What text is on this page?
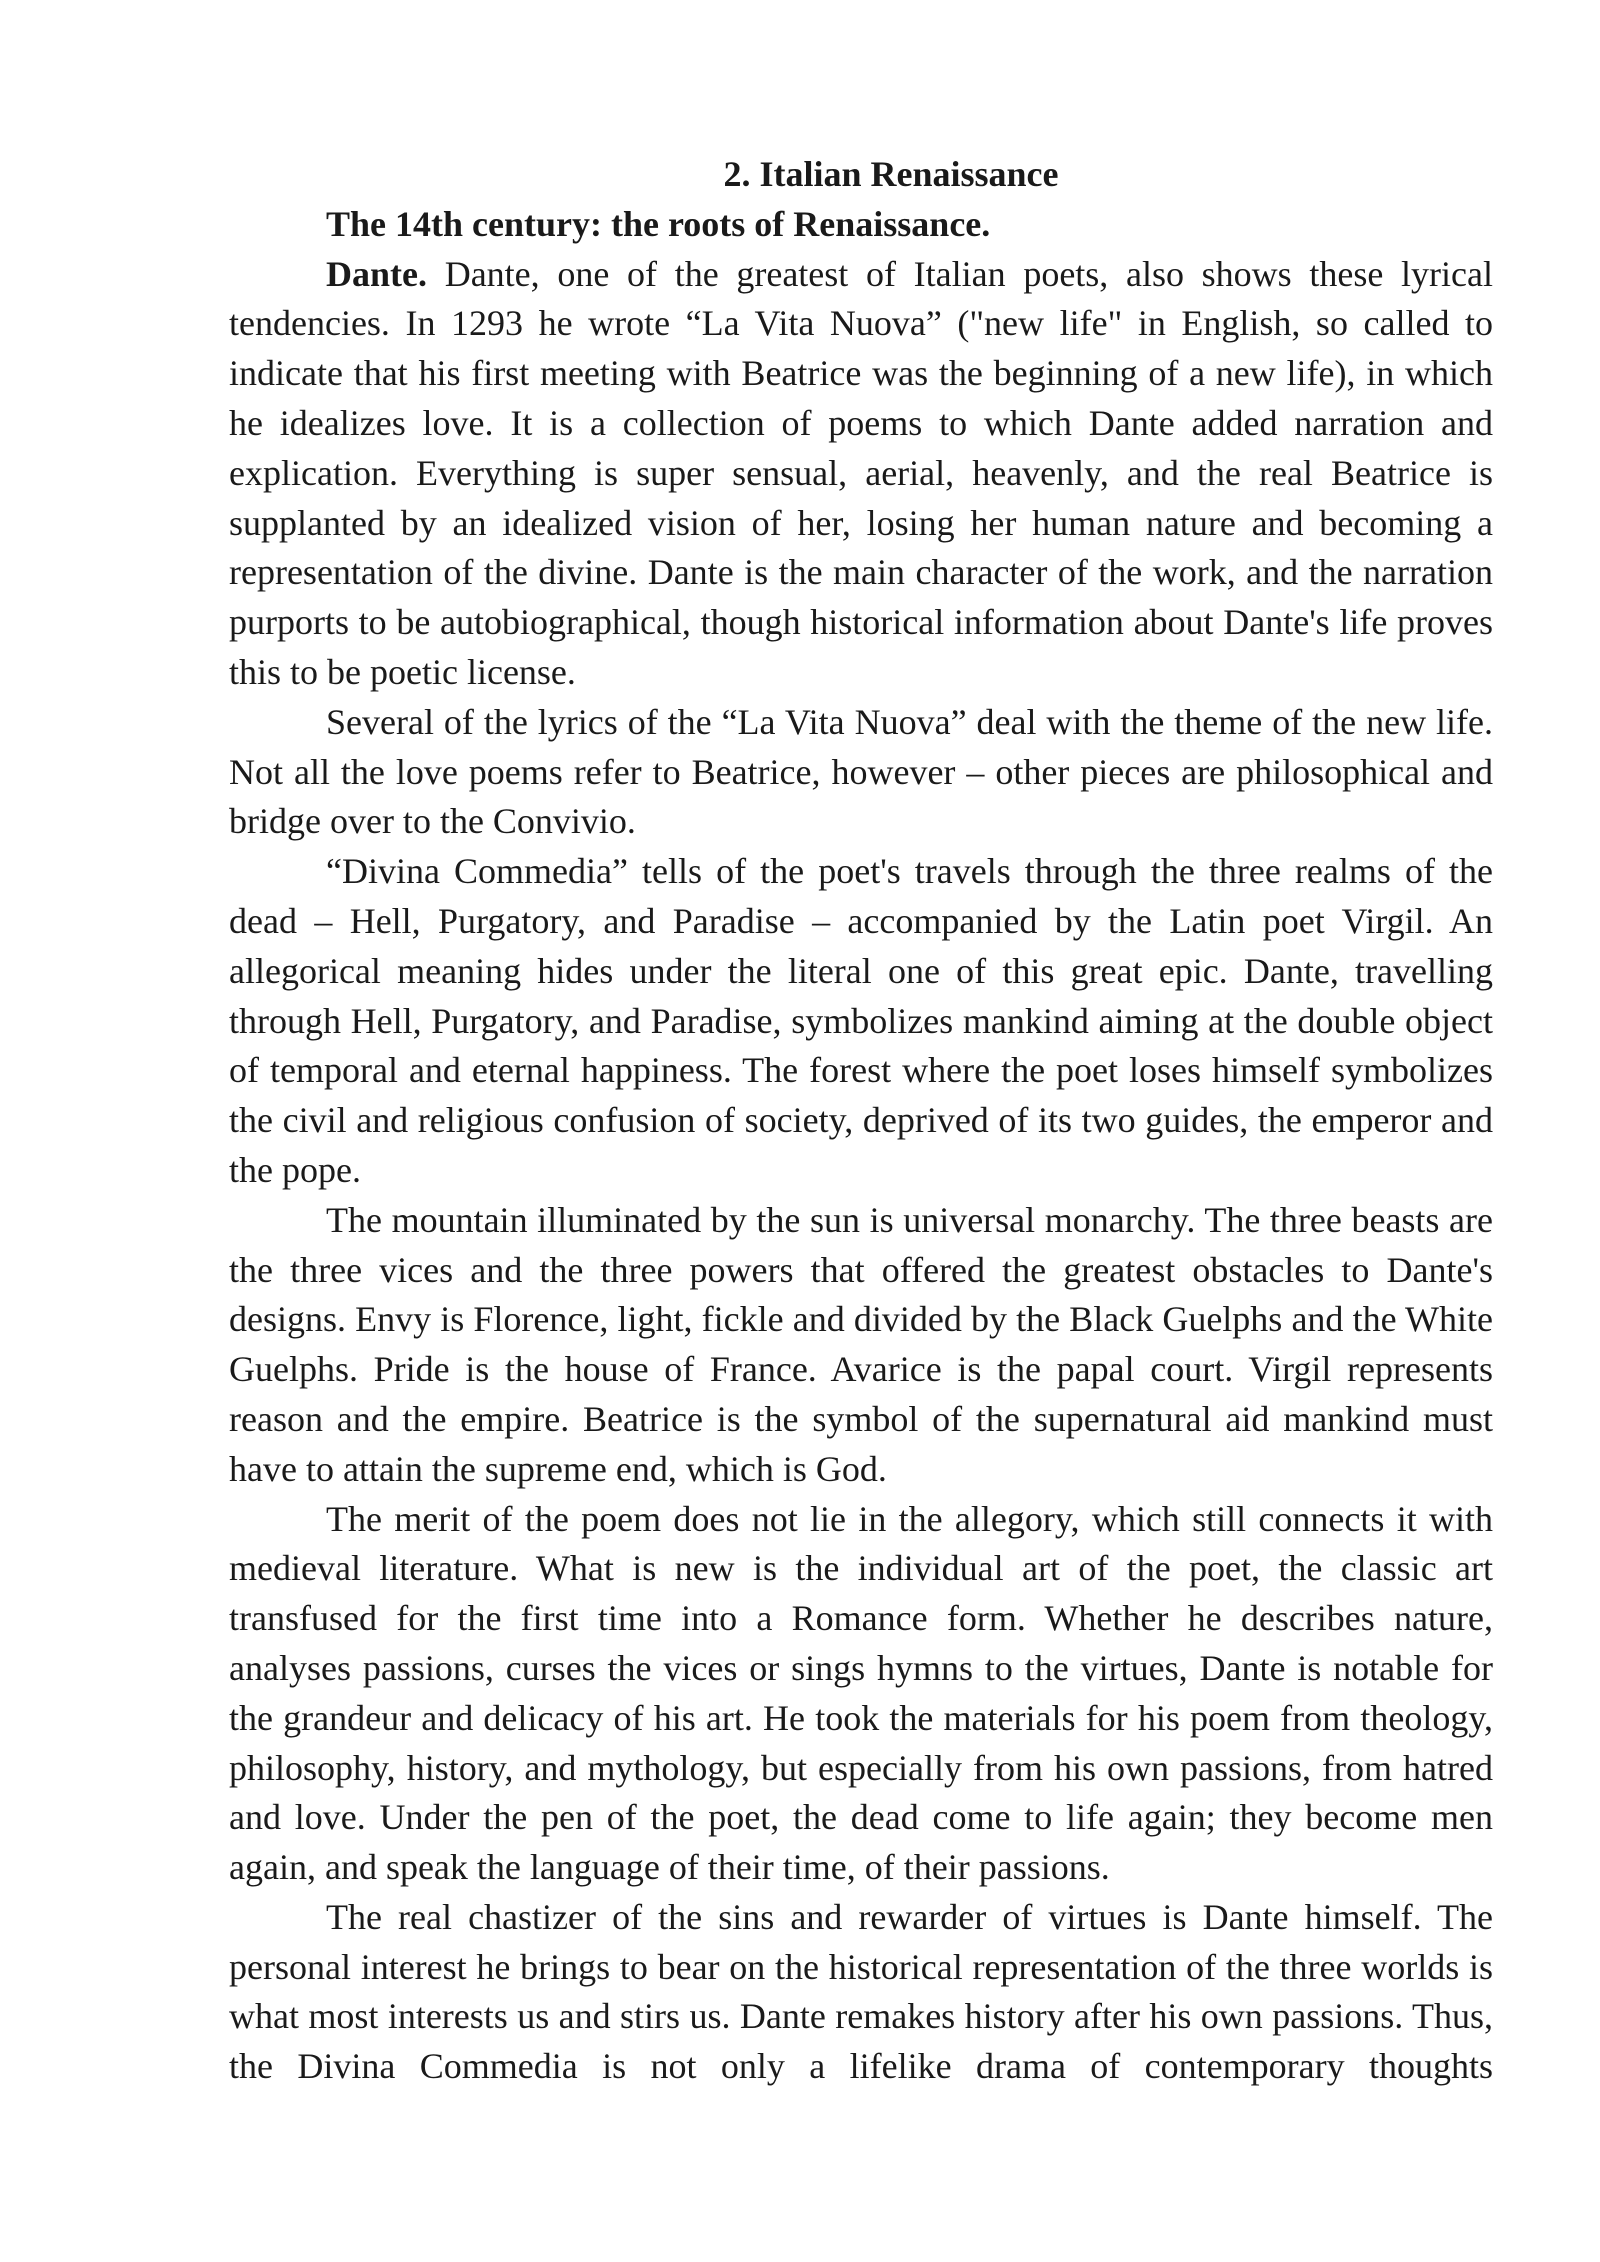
2. Italian Renaissance
The 14th century: the roots of Renaissance.

Dante. Dante, one of the greatest of Italian poets, also shows these lyrical tendencies. In 1293 he wrote “La Vita Nuova” ("new life" in English, so called to indicate that his first meeting with Beatrice was the beginning of a new life), in which he idealizes love. It is a collection of poems to which Dante added narration and explication. Everything is super sensual, aerial, heavenly, and the real Beatrice is supplanted by an idealized vision of her, losing her human nature and becoming a representation of the divine. Dante is the main character of the work, and the narration purports to be autobiographical, though historical information about Dante's life proves this to be poetic license.

Several of the lyrics of the “La Vita Nuova” deal with the theme of the new life. Not all the love poems refer to Beatrice, however – other pieces are philosophical and bridge over to the Convivio.

“Divina Commedia” tells of the poet's travels through the three realms of the dead – Hell, Purgatory, and Paradise – accompanied by the Latin poet Virgil. An allegorical meaning hides under the literal one of this great epic. Dante, travelling through Hell, Purgatory, and Paradise, symbolizes mankind aiming at the double object of temporal and eternal happiness. The forest where the poet loses himself symbolizes the civil and religious confusion of society, deprived of its two guides, the emperor and the pope.

The mountain illuminated by the sun is universal monarchy. The three beasts are the three vices and the three powers that offered the greatest obstacles to Dante's designs. Envy is Florence, light, fickle and divided by the Black Guelphs and the White Guelphs. Pride is the house of France. Avarice is the papal court. Virgil represents reason and the empire. Beatrice is the symbol of the supernatural aid mankind must have to attain the supreme end, which is God.

The merit of the poem does not lie in the allegory, which still connects it with medieval literature. What is new is the individual art of the poet, the classic art transfused for the first time into a Romance form. Whether he describes nature, analyses passions, curses the vices or sings hymns to the virtues, Dante is notable for the grandeur and delicacy of his art. He took the materials for his poem from theology, philosophy, history, and mythology, but especially from his own passions, from hatred and love. Under the pen of the poet, the dead come to life again; they become men again, and speak the language of their time, of their passions.

The real chastizer of the sins and rewarder of virtues is Dante himself. The personal interest he brings to bear on the historical representation of the three worlds is what most interests us and stirs us. Dante remakes history after his own passions. Thus, the Divina Commedia is not only a lifelike drama of contemporary thoughts
